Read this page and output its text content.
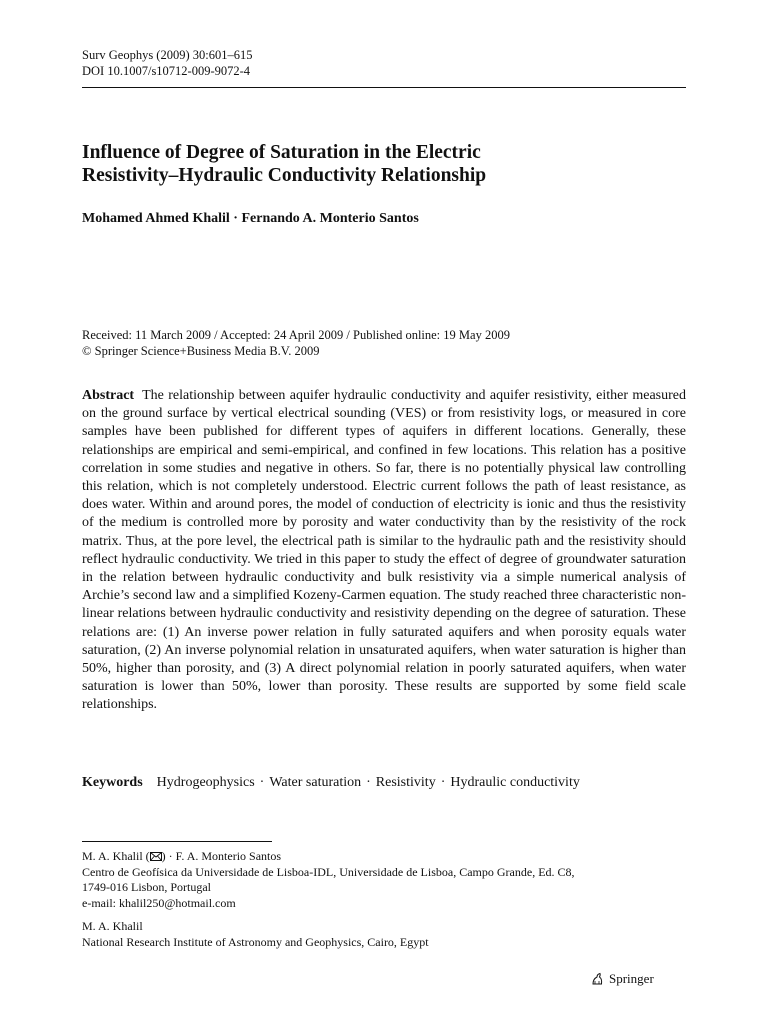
Surv Geophys (2009) 30:601–615
DOI 10.1007/s10712-009-9072-4
Influence of Degree of Saturation in the Electric
Resistivity–Hydraulic Conductivity Relationship
Mohamed Ahmed Khalil · Fernando A. Monterio Santos
Received: 11 March 2009 / Accepted: 24 April 2009 / Published online: 19 May 2009
© Springer Science+Business Media B.V. 2009
Abstract The relationship between aquifer hydraulic conductivity and aquifer resistivity, either measured on the ground surface by vertical electrical sounding (VES) or from resistivity logs, or measured in core samples have been published for different types of aquifers in different locations. Generally, these relationships are empirical and semi-empirical, and confined in few locations. This relation has a positive correlation in some studies and negative in others. So far, there is no potentially physical law controlling this relation, which is not completely understood. Electric current follows the path of least resistance, as does water. Within and around pores, the model of conduction of electricity is ionic and thus the resistivity of the medium is controlled more by porosity and water conductivity than by the resistivity of the rock matrix. Thus, at the pore level, the electrical path is similar to the hydraulic path and the resistivity should reflect hydraulic conductivity. We tried in this paper to study the effect of degree of groundwater saturation in the relation between hydraulic conductivity and bulk resistivity via a simple numerical analysis of Archie’s second law and a simplified Kozeny-Carmen equation. The study reached three characteristic non-linear relations between hydraulic conductivity and resistivity depending on the degree of saturation. These relations are: (1) An inverse power relation in fully saturated aquifers and when porosity equals water saturation, (2) An inverse polynomial relation in unsaturated aquifers, when water saturation is higher than 50%, higher than porosity, and (3) A direct polynomial relation in poorly saturated aquifers, when water saturation is lower than 50%, lower than porosity. These results are supported by some field scale relationships.
Keywords Hydrogeophysics · Water saturation · Resistivity · Hydraulic conductivity
M. A. Khalil ( ) · F. A. Monterio Santos
Centro de Geofísica da Universidade de Lisboa-IDL, Universidade de Lisboa, Campo Grande, Ed. C8,
1749-016 Lisbon, Portugal
e-mail: khalil250@hotmail.com
M. A. Khalil
National Research Institute of Astronomy and Geophysics, Cairo, Egypt
Springer
